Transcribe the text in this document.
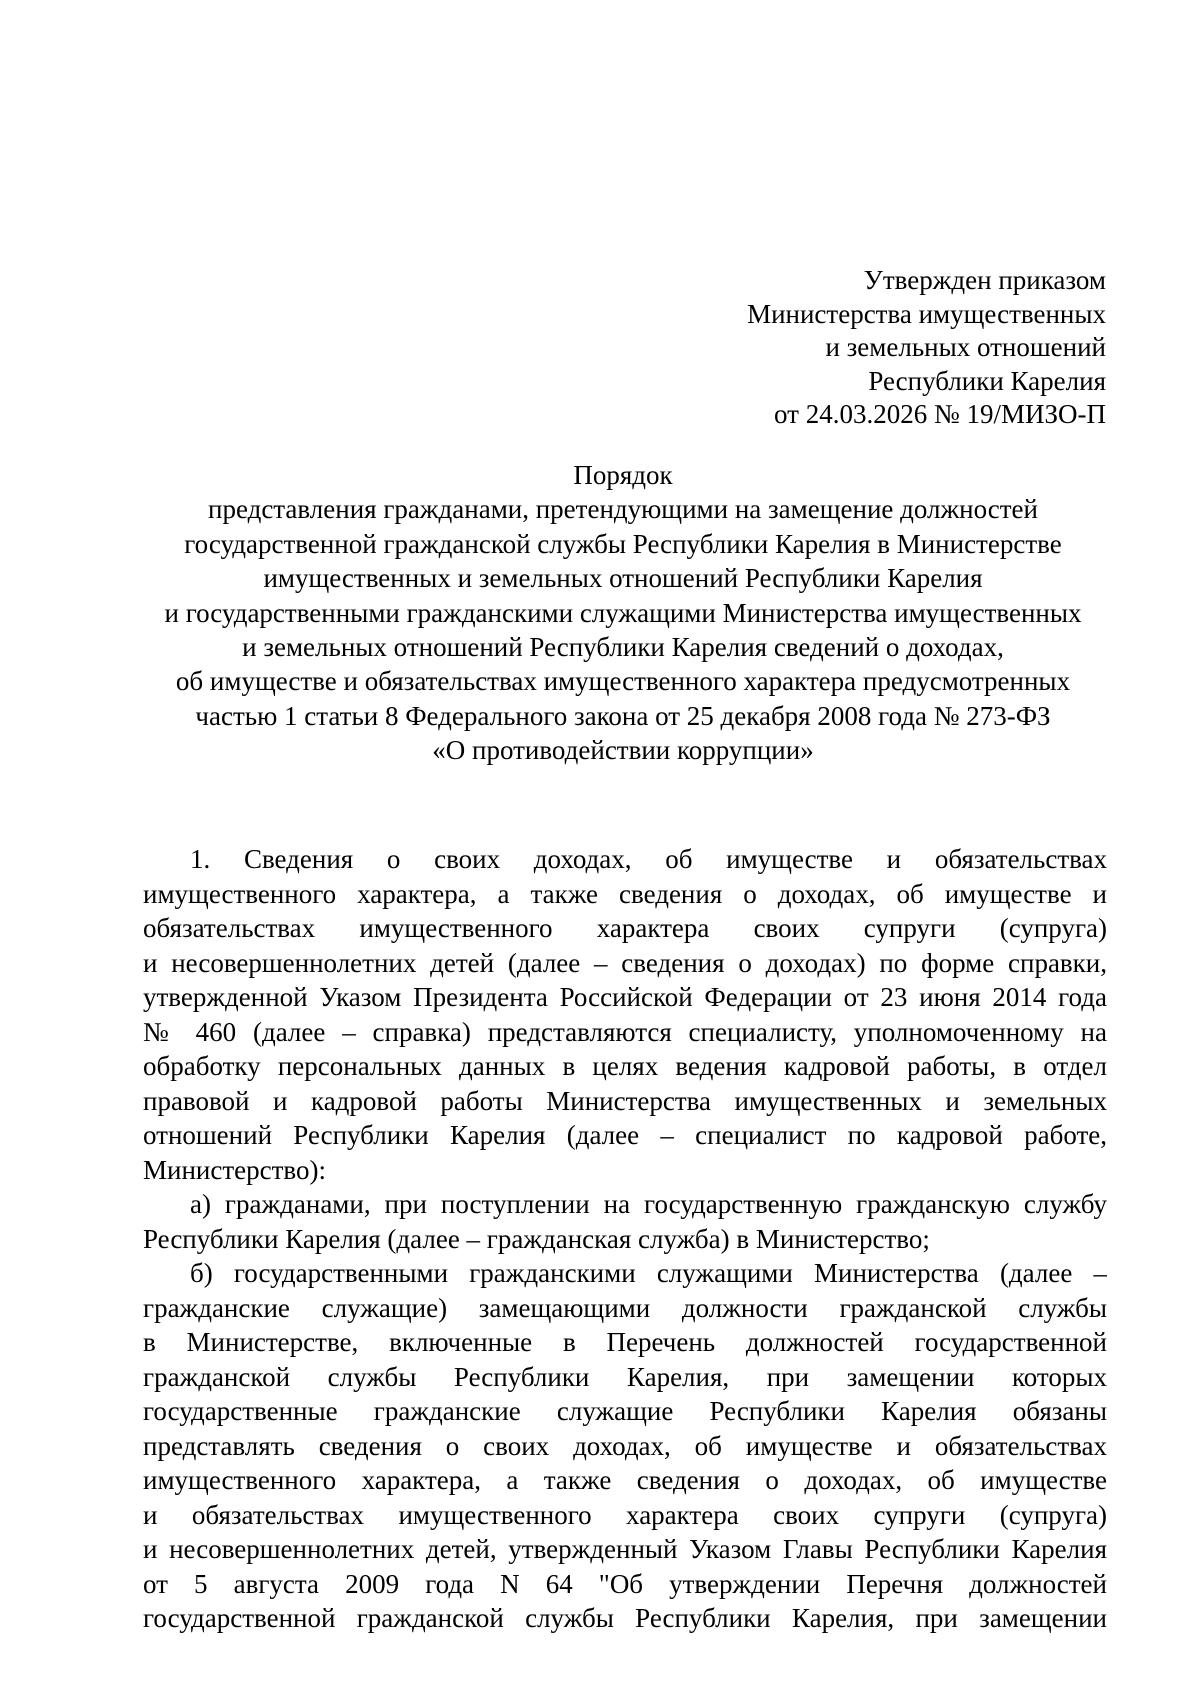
Утвержден приказом
Министерства имущественных
и земельных отношений
Республики Карелия
от 24.03.2026 № 19/МИЗО-П
Порядок
представления гражданами, претендующими на замещение должностей
государственной гражданской службы Республики Карелия в Министерстве
имущественных и земельных отношений Республики Карелия
и государственными гражданскими служащими Министерства имущественных
и земельных отношений Республики Карелия сведений о доходах,
об имуществе и обязательствах имущественного характера предусмотренных
частью 1 статьи 8 Федерального закона от 25 декабря 2008 года № 273-ФЗ
«О противодействии коррупции»
1. Сведения о своих доходах, об имуществе и обязательствах
имущественного характера, а также сведения о доходах, об имуществе и
обязательствах имущественного характера своих супруги (супруга)
и несовершеннолетних детей (далее – сведения о доходах) по форме справки,
утвержденной Указом Президента Российской Федерации от 23 июня 2014 года
№ 460 (далее – справка) представляются специалисту, уполномоченному на
обработку персональных данных в целях ведения кадровой работы, в отдел
правовой и кадровой работы Министерства имущественных и земельных
отношений Республики Карелия (далее – специалист по кадровой работе,
Министерство):
а) гражданами, при поступлении на государственную гражданскую службу
Республики Карелия (далее – гражданская служба) в Министерство;
б) государственными гражданскими служащими Министерства (далее –
гражданские служащие) замещающими должности гражданской службы
в Министерстве, включенные в Перечень должностей государственной
гражданской службы Республики Карелия, при замещении которых
государственные гражданские служащие Республики Карелия обязаны
представлять сведения о своих доходах, об имуществе и обязательствах
имущественного характера, а также сведения о доходах, об имуществе
и обязательствах имущественного характера своих супруги (супруга)
и несовершеннолетних детей, утвержденный Указом Главы Республики Карелия
от 5 августа 2009 года N 64 "Об утверждении Перечня должностей
государственной гражданской службы Республики Карелия, при замещении
